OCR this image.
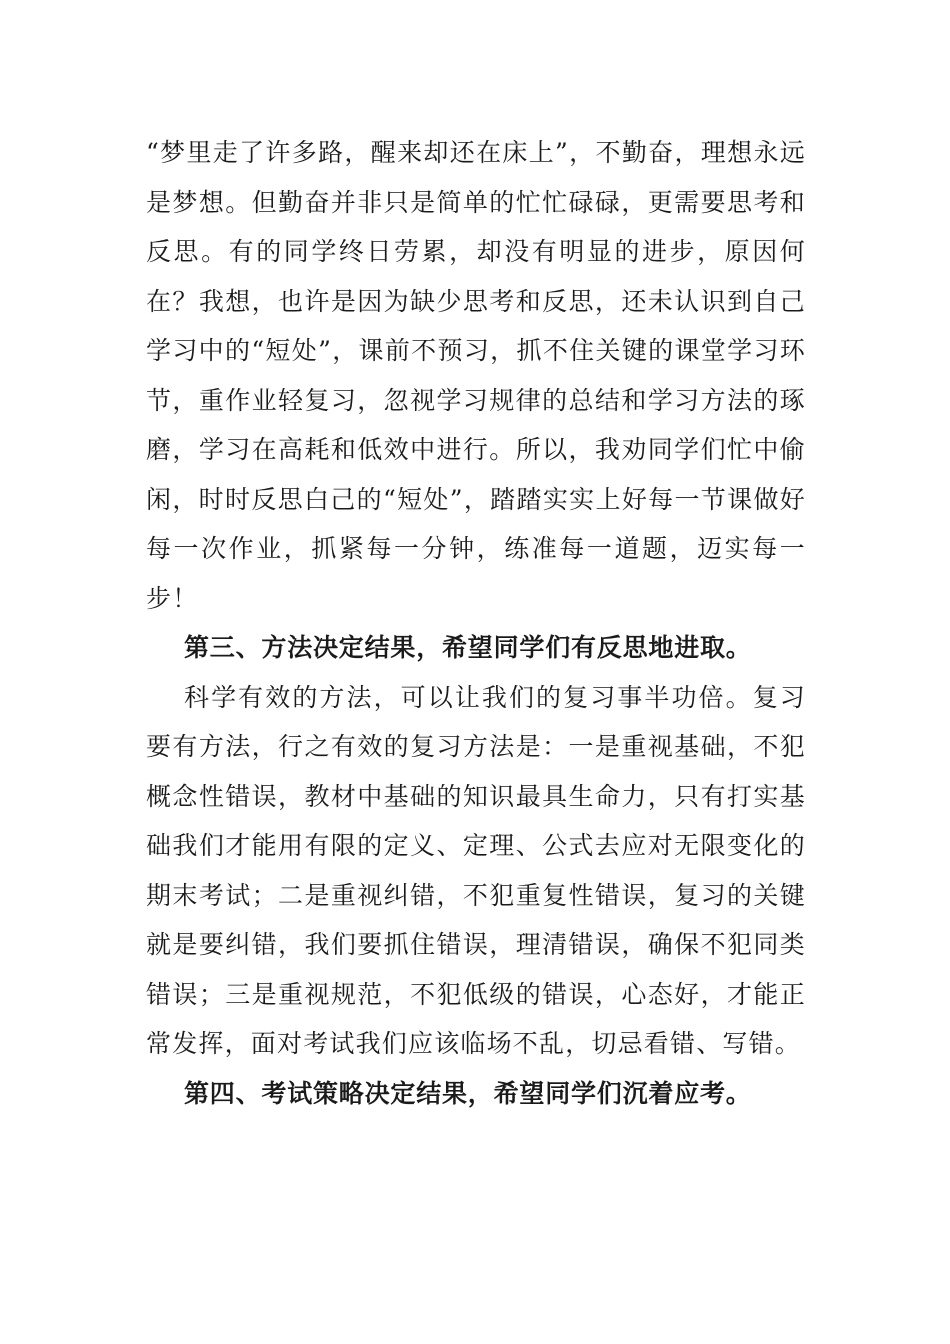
“梦里走了许多路，醒来却还在床上”，不勤奋，理想永远是梦想。但勤奋并非只是简单的忙忙碌碌，更需要思考和反思。有的同学终日劳累，却没有明显的进步，原因何在？我想，也许是因为缺少思考和反思，还未认识到自己学习中的“短处”，课前不预习，抓不住关键的课堂学习环节，重作业轻复习，忽视学习规律的总结和学习方法的琢磨，学习在高耗和低效中进行。所以，我劝同学们忙中偷闲，时时反思白己的“短处”，踏踏实实上好每一节课做好每一次作业，抓紧每一分钟，练准每一道题，迈实每一步！

第三、方法决定结果，希望同学们有反思地进取。

科学有效的方法，可以让我们的复习事半功倍。复习要有方法，行之有效的复习方法是：一是重视基础，不犯概念性错误，教材中基础的知识最具生命力，只有打实基础我们才能用有限的定义、定理、公式去应对无限变化的期末考试；二是重视纠错，不犯重复性错误，复习的关键就是要纠错，我们要抓住错误，理清错误，确保不犯同类错误；三是重视规范，不犯低级的错误，心态好，才能正常发挥，面对考试我们应该临场不乱，切忌看错、写错。

第四、考试策略决定结果，希望同学们沉着应考。
